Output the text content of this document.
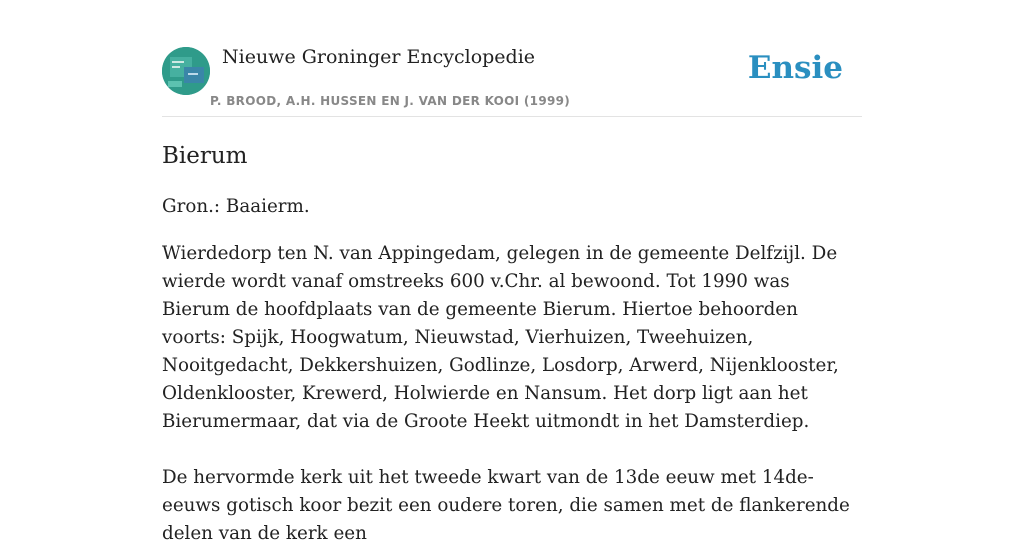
Nieuwe Groninger Encyclopedie
P. BROOD, A.H. HUSSEN EN J. VAN DER KOOI (1999)
Ensie
Bierum

Gron.: Baaierm.

Wierdedorp ten N. van Appingedam, gelegen in de gemeente Delfzijl. De wierde wordt vanaf omstreeks 600 v.Chr. al bewoond. Tot 1990 was Bierum de hoofdplaats van de gemeente Bierum. Hiertoe behoorden voorts: Spijk, Hoogwatum, Nieuwstad, Vierhuizen, Tweehuizen, Nooitgedacht, Dekkershuizen, Godlinze, Losdorp, Arwerd, Nijenklooster, Oldenklooster, Krewerd, Holwierde en Nansum. Het dorp ligt aan het Bierumermaar, dat via de Groote Heekt uitmondt in het Damsterdiep.

De hervormde kerk uit het tweede kwart van de 13de eeuw met 14de-eeuws gotisch koor bezit een oudere toren, die samen met de flankerende delen van de kerk een
